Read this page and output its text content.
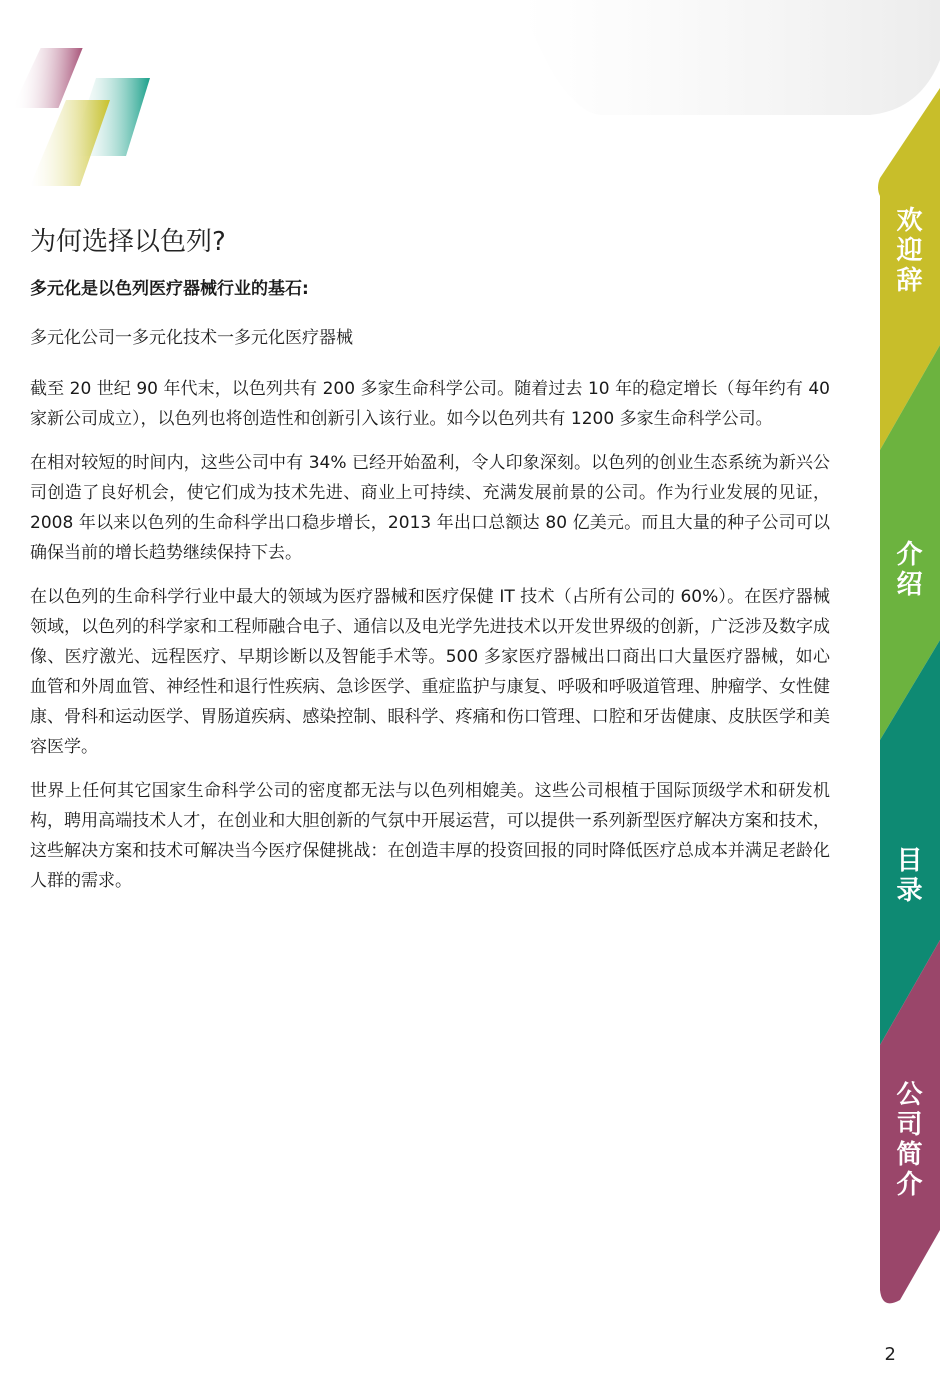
欢迎辞
介绍
目录
公司简介
为何选择以色列?
多元化是以色列医疗器械行业的基石:
多元化公司一多元化技术一多元化医疗器械

截至 20 世纪 90 年代末，以色列共有 200 多家生命科学公司。随着过去 10 年的稳定增长（每年约有 40 家新公司成立），以色列也将创造性和创新引入该行业。如今以色列共有 1200 多家生命科学公司。

在相对较短的时间内，这些公司中有 34% 已经开始盈利，令人印象深刻。以色列的创业生态系统为新兴公司创造了良好机会，使它们成为技术先进、商业上可持续、充满发展前景的公司。作为行业发展的见证，2008 年以来以色列的生命科学出口稳步增长，2013 年出口总额达 80 亿美元。而且大量的种子公司可以确保当前的增长趋势继续保持下去。

在以色列的生命科学行业中最大的领域为医疗器械和医疗保健 IT 技术（占所有公司的 60%）。在医疗器械领域，以色列的科学家和工程师融合电子、通信以及电光学先进技术以开发世界级的创新，广泛涉及数字成像、医疗激光、远程医疗、早期诊断以及智能手术等。500 多家医疗器械出口商出口大量医疗器械，如心血管和外周血管、神经性和退行性疾病、急诊医学、重症监护与康复、呼吸和呼吸道管理、肿瘤学、女性健康、骨科和运动医学、胃肠道疾病、感染控制、眼科学、疼痛和伤口管理、口腔和牙齿健康、皮肤医学和美容医学。

世界上任何其它国家生命科学公司的密度都无法与以色列相媲美。这些公司根植于国际顶级学术和研发机构，聘用高端技术人才，在创业和大胆创新的气氛中开展运营，可以提供一系列新型医疗解决方案和技术，这些解决方案和技术可解决当今医疗保健挑战：在创造丰厚的投资回报的同时降低医疗总成本并满足老龄化人群的需求。

2
